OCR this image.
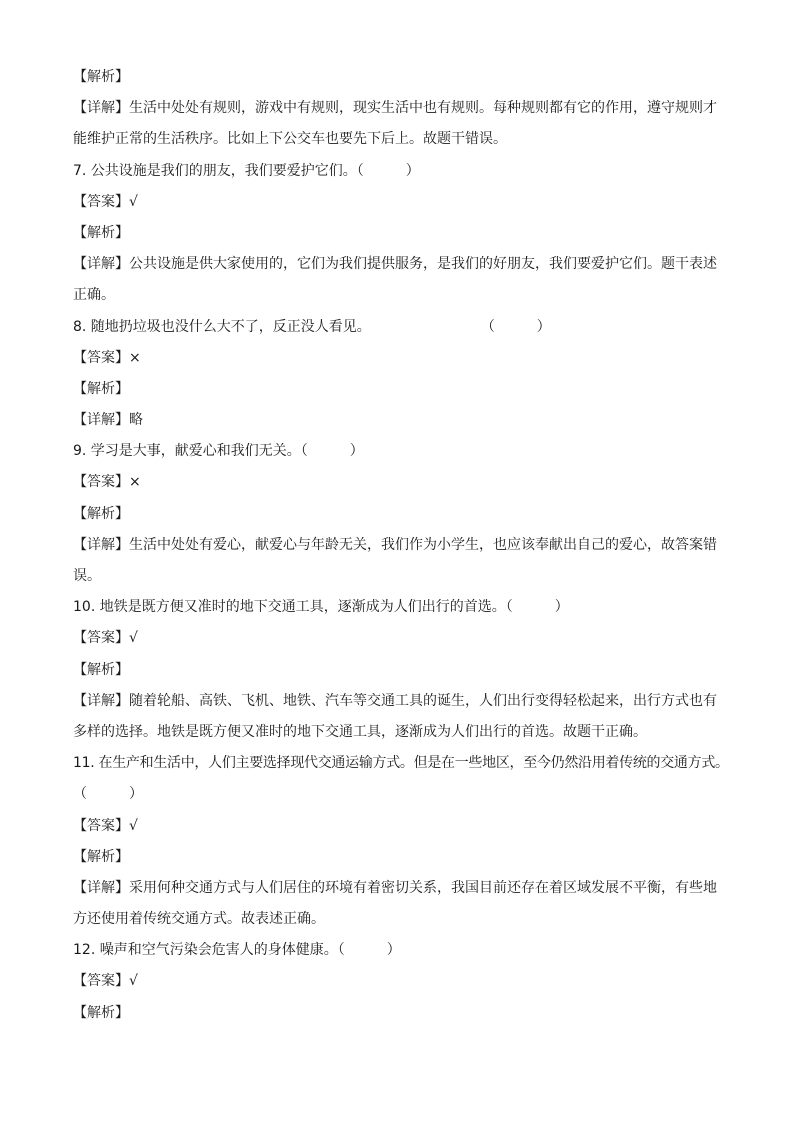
【解析】
【详解】生活中处处有规则，游戏中有规则，现实生活中也有规则。每种规则都有它的作用，遵守规则才
能维护正常的生活秩序。比如上下公交车也要先下后上。故题干错误。
7. 公共设施是我们的朋友，我们要爱护它们。（　　　）
【答案】√
【解析】
【详解】公共设施是供大家使用的，它们为我们提供服务，是我们的好朋友，我们要爱护它们。题干表述
正确。
8. 随地扔垃圾也没什么大不了，反正没人看见。	（　　　）
【答案】×
【解析】
【详解】略
9. 学习是大事，献爱心和我们无关。（　　　）
【答案】×
【解析】
【详解】生活中处处有爱心，献爱心与年龄无关，我们作为小学生，也应该奉献出自己的爱心，故答案错
误。
10. 地铁是既方便又准时的地下交通工具，逐渐成为人们出行的首选。（　　　）
【答案】√
【解析】
【详解】随着轮船、高铁、飞机、地铁、汽车等交通工具的诞生，人们出行变得轻松起来，出行方式也有
多样的选择。地铁是既方便又准时的地下交通工具，逐渐成为人们出行的首选。故题干正确。
11. 在生产和生活中，人们主要选择现代交通运输方式。但是在一些地区，至今仍然沿用着传统的交通方式。
（　　　）
【答案】√
【解析】
【详解】采用何种交通方式与人们居住的环境有着密切关系，我国目前还存在着区域发展不平衡，有些地
方还使用着传统交通方式。故表述正确。
12. 噪声和空气污染会危害人的身体健康。（　　　）
【答案】√
【解析】
